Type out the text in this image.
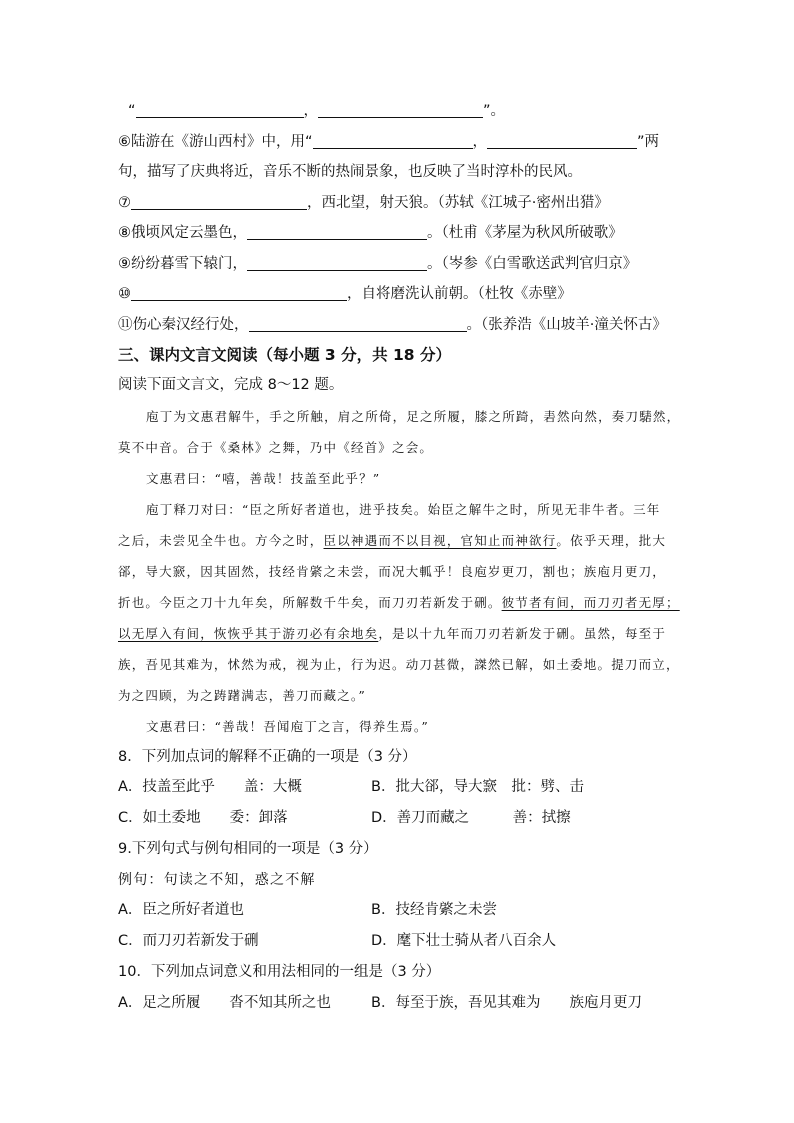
“	，	”。
⑥陆游在《游山西村》中，用“	，	”两
句，描写了庆典将近，音乐不断的热闹景象，也反映了当时淳朴的民风。
⑦	，西北望，射天狼。（苏轼《江城子·密州出猎》
⑧俄顷风定云墨色，	。（杜甫《茅屋为秋风所破歌》
⑨纷纷暮雪下辕门，	。（岑参《白雪歌送武判官归京》
⑩	，自将磨洗认前朝。（杜牧《赤壁》
⑪伤心秦汉经行处，	。（张养浩《山坡羊·潼关怀古》
三、课内文言文阅读（每小题 3 分，共 18 分）
阅读下面文言文，完成 8～12 题。
庖丁为文惠君解牛，手之所触，肩之所倚，足之所履，膝之所踦，砉然向然，奏刀騞然，
莫不中音。合于《桑林》之舞，乃中《经首》之会。
文惠君曰：“嘻，善哉！技盖至此乎？”
庖丁释刀对曰：“臣之所好者道也，进乎技矣。始臣之解牛之时，所见无非牛者。三年
之后，未尝见全牛也。方今之时，臣以神遇而不以目视，官知止而神欲行。依乎天理，批大
郤，导大窾，因其固然，技经肯綮之未尝，而况大軱乎！良庖岁更刀，割也；族庖月更刀，
折也。今臣之刀十九年矣，所解数千牛矣，而刀刃若新发于硎。彼节者有间，而刀刃者无厚；
以无厚入有间，恢恢乎其于游刃必有余地矣，是以十九年而刀刃若新发于硎。虽然，每至于
族，吾见其难为，怵然为戒，视为止，行为迟。动刀甚微，謋然已解，如土委地。提刀而立，
为之四顾，为之踌躇满志，善刀而藏之。”
文惠君曰：“善哉！吾闻庖丁之言，得养生焉。”
8．下列加点词的解释不正确的一项是（3 分）
A．技盖至此乎　　盖：大概	B．批大郤，导大窾　批：劈、击
C．如土委地　　委：卸落	D．善刀而藏之　　　善：拭擦
9.下列句式与例句相同的一项是（3 分）
例句：句读之不知，惑之不解
A．臣之所好者道也	B．技经肯綮之未尝
C．而刀刃若新发于硎	D．麾下壮士骑从者八百余人
10．下列加点词意义和用法相同的一组是（3 分）
A．足之所履　　沓不知其所之也	B．每至于族，吾见其难为　　族庖月更刀
